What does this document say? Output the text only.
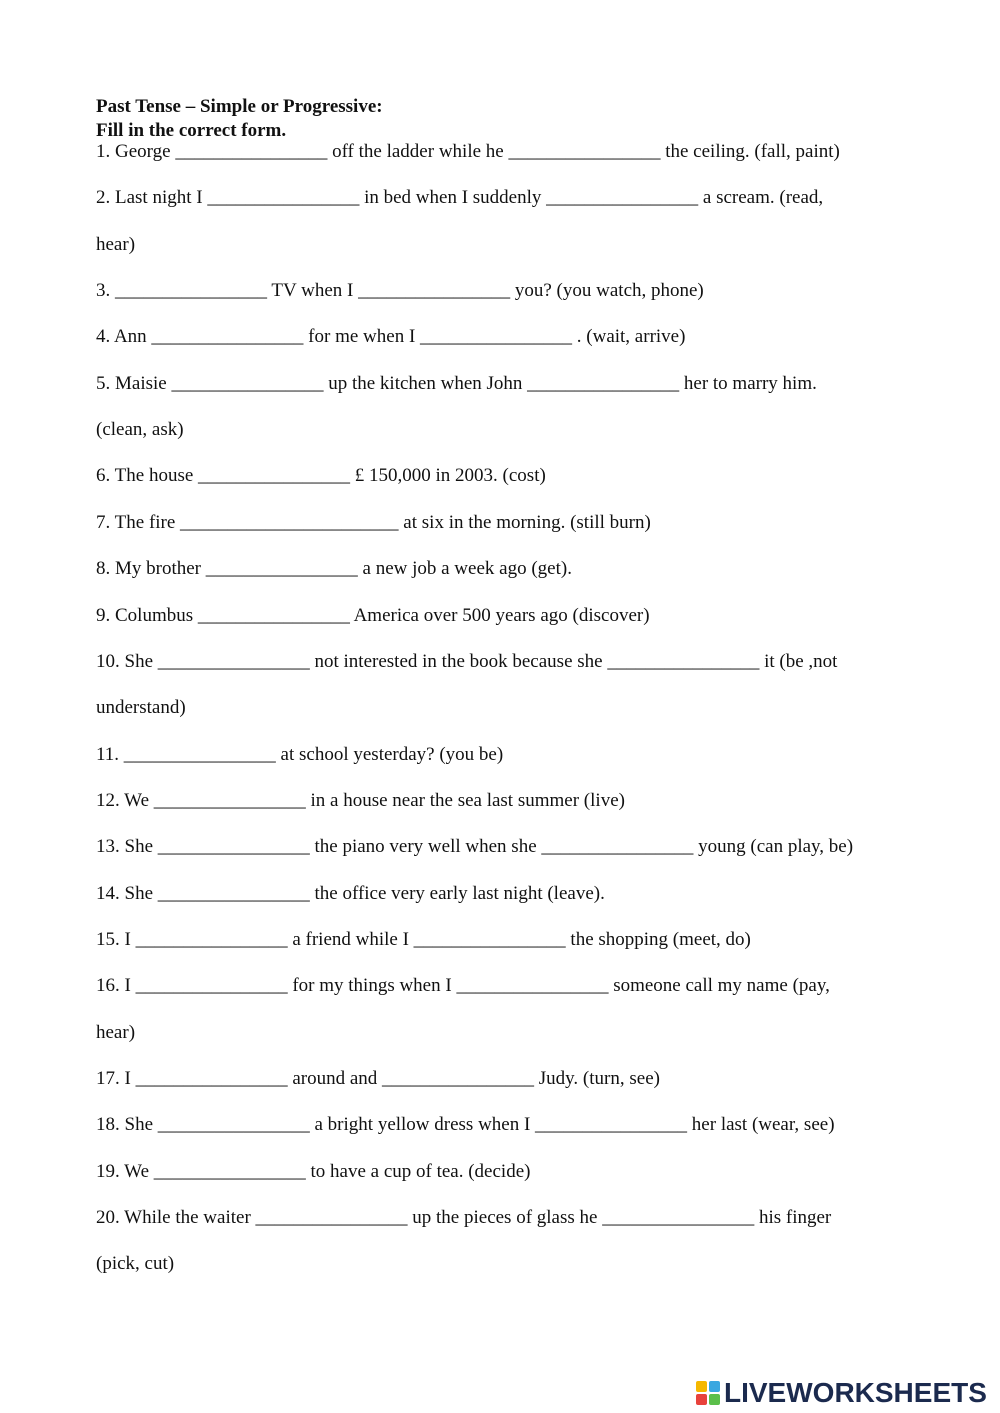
Past Tense – Simple or Progressive:

Fill in the correct form.

1. George ________________ off the ladder while he ________________ the ceiling. (fall, paint)
2. Last night I ________________ in bed when I suddenly ________________ a scream. (read,
hear)
3. ________________ TV when I ________________ you? (you watch, phone)
4. Ann ________________ for me when I ________________ . (wait, arrive)
5. Maisie ________________ up the kitchen when John ________________ her to marry him.
(clean, ask)
6. The house ________________ £ 150,000 in 2003. (cost)
7. The fire _______________________ at six in the morning. (still burn)
8. My brother ________________ a new job a week ago (get).
9. Columbus ________________ America over 500 years ago (discover)
10. She ________________ not interested in the book because she ________________ it (be ,not
understand)
11. ________________ at school yesterday? (you be)
12. We ________________ in a house near the sea last summer (live)
13. She ________________ the piano very well when she ________________ young (can play, be)
14. She ________________ the office very early last night (leave).
15. I ________________ a friend while I ________________ the shopping (meet, do)
16. I ________________ for my things when I ________________ someone call my name (pay,
hear)
17. I ________________ around and ________________ Judy. (turn, see)
18. She ________________ a bright yellow dress when I ________________ her last (wear, see)
19. We ________________ to have a cup of tea. (decide)
20. While the waiter ________________ up the pieces of glass he ________________ his finger
(pick, cut)
LIVEWORKSHEETS
